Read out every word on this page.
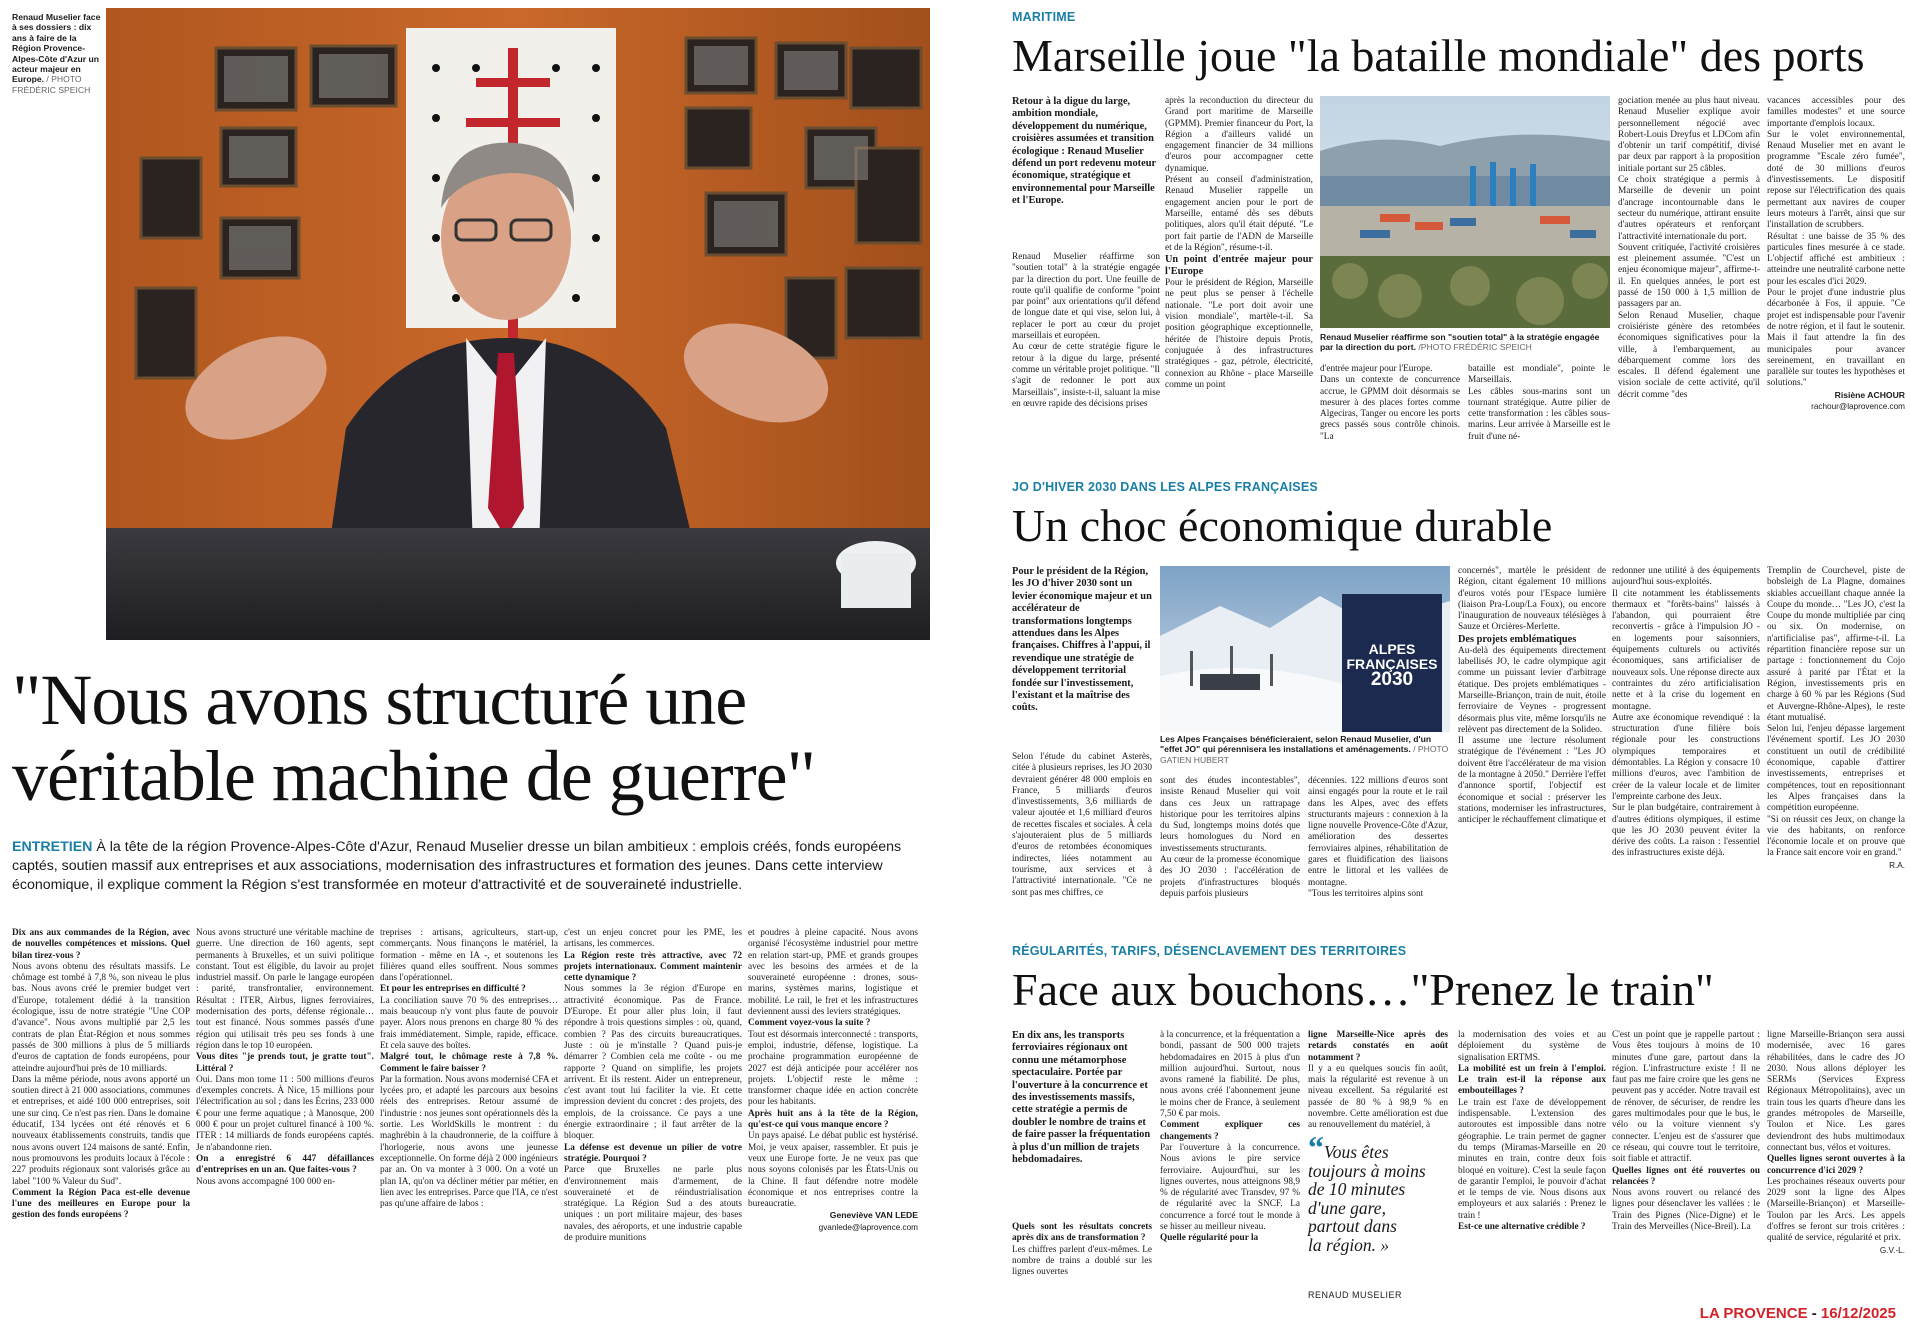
Renaud Muselier face à ses dossiers : dix ans à faire de la Région Provence-Alpes-Côte d'Azur un acteur majeur en Europe. / PHOTO FRÉDÉRIC SPEICH

"Nous avons structuré une
véritable machine de guerre"

ENTRETIEN À la tête de la région Provence-Alpes-Côte d'Azur, Renaud Muselier dresse un bilan ambitieux : emplois créés, fonds européens captés, soutien massif aux entreprises et aux associations, modernisation des infrastructures et formation des jeunes. Dans cette interview économique, il explique comment la Région s'est transformée en moteur d'attractivité et de souveraineté industrielle.

Dix ans aux commandes de la Région, avec de nouvelles compétences et missions. Quel bilan tirez-vous ?

Nous avons obtenu des résultats massifs. Le chômage est tombé à 7,8 %, son niveau le plus bas. Nous avons créé le premier budget vert d'Europe, totalement dédié à la transition écologique, issu de notre stratégie "Une COP d'avance". Nous avons multiplié par 2,5 les contrats de plan État-Région et nous sommes passés de 300 millions à plus de 5 milliards d'euros de captation de fonds européens, pour atteindre aujourd'hui près de 10 milliards.

Dans la même période, nous avons apporté un soutien direct à 21 000 associations, communes et entreprises, et aidé 100 000 entreprises, soit une sur cinq. Ce n'est pas rien. Dans le domaine éducatif, 134 lycées ont été rénovés et 6 nouveaux établissements construits, tandis que nous avons ouvert 124 maisons de santé. Enfin, nous promouvons les produits locaux à l'école : 227 produits régionaux sont valorisés grâce au label "100 % Valeur du Sud".

Comment la Région Paca est-elle devenue l'une des meilleures en Europe pour la gestion des fonds européens ?

Nous avons structuré une véritable machine de guerre. Une direction de 160 agents, sept permanents à Bruxelles, et un suivi politique constant. Tout est éligible, du lavoir au projet industriel massif. On parle le langage européen : parité, transfrontalier, environnement. Résultat : ITER, Airbus, lignes ferroviaires, modernisation des ports, défense régionale… tout est financé. Nous sommes passés d'une région qui utilisait très peu ses fonds à une région dans le top 10 européen.

Vous dites "je prends tout, je gratte tout". Littéral ?

Oui. Dans mon tome 11 : 500 millions d'euros d'exemples concrets. À Nice, 15 millions pour l'électrification au sol ; dans les Écrins, 233 000 € pour une ferme aquatique ; à Manosque, 200 000 € pour un projet culturel financé à 100 %. ITER : 14 milliards de fonds européens captés. Je n'abandonne rien.

On a enregistré 6 447 défaillances d'entreprises en un an. Que faites-vous ?

Nous avons accompagné 100 000 en-

treprises : artisans, agriculteurs, start-up, commerçants. Nous finançons le matériel, la formation - même en IA -, et soutenons les filières quand elles souffrent. Nous sommes dans l'opérationnel.

Et pour les entreprises en difficulté ?

La conciliation sauve 70 % des entreprises… mais beaucoup n'y vont plus faute de pouvoir payer. Alors nous prenons en charge 80 % des frais immédiatement. Simple, rapide, efficace. Et cela sauve des boîtes.

Malgré tout, le chômage reste à 7,8 %. Comment le faire baisser ?

Par la formation. Nous avons modernisé CFA et lycées pro, et adapté les parcours aux besoins réels des entreprises. Retour assumé de l'industrie : nos jeunes sont opérationnels dès la sortie. Les WorldSkills le montrent : du maghrébin à la chaudronnerie, de la coiffure à l'horlogerie, nous avons une jeunesse exceptionnelle. On forme déjà 2 000 ingénieurs par an. On va monter à 3 000. On a voté un plan IA, qu'on va décliner métier par métier, en lien avec les entreprises. Parce que l'IA, ce n'est pas qu'une affaire de labos :

c'est un enjeu concret pour les PME, les artisans, les commerces.

La Région reste très attractive, avec 72 projets internationaux. Comment maintenir cette dynamique ?

Nous sommes la 3e région d'Europe en attractivité économique. Pas de France. D'Europe. Et pour aller plus loin, il faut répondre à trois questions simples : où, quand, combien ? Pas des circuits bureaucratiques. Juste : où je m'installe ? Quand puis-je démarrer ? Combien cela me coûte - ou me rapporte ? Quand on simplifie, les projets arrivent. Et ils restent. Aider un entrepreneur, c'est avant tout lui faciliter la vie. Et cette impression devient du concret : des projets, des emplois, de la croissance. Ce pays a une énergie extraordinaire ; il faut arrêter de la bloquer.

La défense est devenue un pilier de votre stratégie. Pourquoi ?

Parce que Bruxelles ne parle plus d'environnement mais d'armement, de souveraineté et de réindustrialisation stratégique. La Région Sud a des atouts uniques : un port militaire majeur, des bases navales, des aéroports, et une industrie capable de produire munitions

et poudres à pleine capacité. Nous avons organisé l'écosystème industriel pour mettre en relation start-up, PME et grands groupes avec les besoins des armées et de la souveraineté européenne : drones, sous-marins, systèmes marins, logistique et mobilité. Le rail, le fret et les infrastructures deviennent aussi des leviers stratégiques.

Comment voyez-vous la suite ?

Tout est désormais interconnecté : transports, emploi, industrie, défense, logistique. La prochaine programmation européenne de 2027 est déjà anticipée pour accélérer nos projets. L'objectif reste le même : transformer chaque idée en action concrète pour les habitants.

Après huit ans à la tête de la Région, qu'est-ce qui vous manque encore ?

Un pays apaisé. Le débat public est hystérisé. Moi, je veux apaiser, rassembler. Et puis je veux une Europe forte. Je ne veux pas que nous soyons colonisés par les États-Unis ou la Chine. Il faut défendre notre modèle économique et nos entreprises contre la bureaucratie.

Geneviève VAN LEDE
gvanlede@laprovence.com

MARITIME

Marseille joue "la bataille mondiale" des ports

Retour à la digue du large, ambition mondiale, développement du numérique, croisières assumées et transition écologique : Renaud Muselier défend un port redevenu moteur économique, stratégique et environnemental pour Marseille et l'Europe.

Renaud Muselier réaffirme son "soutien total" à la stratégie engagée par la direction du port. Une feuille de route qu'il qualifie de conforme "point par point" aux orientations qu'il défend de longue date et qui vise, selon lui, à replacer le port au cœur du projet marseillais et européen.

Au cœur de cette stratégie figure le retour à la digue du large, présenté comme un véritable projet politique. "Il s'agit de redonner le port aux Marseillais", insiste-t-il, saluant la mise en œuvre rapide des décisions prises

après la reconduction du directeur du Grand port maritime de Marseille (GPMM). Premier financeur du Port, la Région a d'ailleurs validé un engagement financier de 34 millions d'euros pour accompagner cette dynamique.

Présent au conseil d'administration, Renaud Muselier rappelle un engagement ancien pour le port de Marseille, entamé dès ses débuts politiques, alors qu'il était député. "Le port fait partie de l'ADN de Marseille et de la Région", résume-t-il.

Un point d'entrée majeur pour l'Europe

Pour le président de Région, Marseille ne peut plus se penser à l'échelle nationale. "Le port doit avoir une vision mondiale", martèle-t-il. Sa position géographique exceptionnelle, héritée de l'histoire depuis Protis, conjuguée à des infrastructures stratégiques - gaz, pétrole, électricité, connexion au Rhône - place Marseille comme un point

Renaud Muselier réaffirme son "soutien total" à la stratégie engagée par la direction du port. /PHOTO FRÉDÉRIC SPEICH

d'entrée majeur pour l'Europe.

Dans un contexte de concurrence accrue, le GPMM doit désormais se mesurer à des places fortes comme Algeciras, Tanger ou encore les ports grecs passés sous contrôle chinois. "La

bataille est mondiale", pointe le Marseillais.

Les câbles sous-marins sont un tournant stratégique. Autre pilier de cette transformation : les câbles sous-marins. Leur arrivée à Marseille est le fruit d'une né-

gociation menée au plus haut niveau. Renaud Muselier explique avoir personnellement négocié avec Robert-Louis Dreyfus et LDCom afin d'obtenir un tarif compétitif, divisé par deux par rapport à la proposition initiale portant sur 25 câbles.

Ce choix stratégique a permis à Marseille de devenir un point d'ancrage incontournable dans le secteur du numérique, attirant ensuite d'autres opérateurs et renforçant l'attractivité internationale du port.

Souvent critiquée, l'activité croisières est pleinement assumée. "C'est un enjeu économique majeur", affirme-t-il. En quelques années, le port est passé de 150 000 à 1,5 million de passagers par an.

Selon Renaud Muselier, chaque croisiériste génère des retombées économiques significatives pour la ville, à l'embarquement, au débarquement comme lors des escales. Il défend également une vision sociale de cette activité, qu'il décrit comme "des

vacances accessibles pour des familles modestes" et une source importante d'emplois locaux.

Sur le volet environnemental, Renaud Muselier met en avant le programme "Escale zéro fumée", doté de 30 millions d'euros d'investissements. Le dispositif repose sur l'électrification des quais permettant aux navires de couper leurs moteurs à l'arrêt, ainsi que sur l'installation de scrubbers.

Résultat : une baisse de 35 % des particules fines mesurée à ce stade. L'objectif affiché est ambitieux : atteindre une neutralité carbone nette pour les escales d'ici 2029.

Pour le projet d'une industrie plus décarbonée à Fos, il appuie. "Ce projet est indispensable pour l'avenir de notre région, et il faut le soutenir. Mais il faut attendre la fin des municipales pour avancer sereinement, en travaillant en parallèle sur toutes les hypothèses et solutions."

Risiène ACHOUR
rachour@laprovence.com

JO D'HIVER 2030 DANS LES ALPES FRANÇAISES

Un choc économique durable

Pour le président de la Région, les JO d'hiver 2030 sont un levier économique majeur et un accélérateur de transformations longtemps attendues dans les Alpes françaises. Chiffres à l'appui, il revendique une stratégie de développement territorial fondée sur l'investissement, l'existant et la maîtrise des coûts.

ALPES
FRANÇAISES
2030

Les Alpes Françaises bénéficieraient, selon Renaud Muselier, d'un "effet JO" qui pérenniserа les installations et aménagements. / PHOTO GATIEN HUBERT

Selon l'étude du cabinet Asterès, citée à plusieurs reprises, les JO 2030 devraient générer 48 000 emplois en France, 5 milliards d'euros d'investissements, 3,6 milliards de valeur ajoutée et 1,6 milliard d'euros de recettes fiscales et sociales. À cela s'ajouteraient plus de 5 milliards d'euros de retombées économiques indirectes, liées notamment au tourisme, aux services et à l'attractivité internationale. "Ce ne sont pas mes chiffres, ce

sont des études incontestables", insiste Renaud Muselier qui voit dans ces Jeux un rattrapage historique pour les territoires alpins du Sud, longtemps moins dotés que leurs homologues du Nord en investissements structurants.

Au cœur de la promesse économique des JO 2030 : l'accélération de projets d'infrastructures bloqués depuis parfois plusieurs

décennies. 122 millions d'euros sont ainsi engagés pour la route et le rail dans les Alpes, avec des effets structurants majeurs : connexion à la ligne nouvelle Provence-Côte d'Azur, amélioration des dessertes ferroviaires alpines, réhabilitation de gares et fluidification des liaisons entre le littoral et les vallées de montagne.

"Tous les territoires alpins sont

concernés", martèle le président de Région, citant également 10 millions d'euros votés pour l'Espace lumière (liaison Pra-Loup/La Foux), ou encore l'inauguration de nouveaux télésièges à Sauze et Orcières-Merlette.

Des projets emblématiques

Au-delà des équipements directement labellisés JO, le cadre olympique agit comme un puissant levier d'arbitrage étatique. Des projets emblématiques - Marseille-Briançon, train de nuit, étoile ferroviaire de Veynes - progressent désormais plus vite, même lorsqu'ils ne relèvent pas directement de la Solideo.

Il assume une lecture résolument stratégique de l'événement : "Les JO doivent être l'accélérateur de ma vision de la montagne à 2050." Derrière l'effet d'annonce sportif, l'objectif est économique et social : préserver les stations, moderniser les infrastructures, anticiper le réchauffement climatique et

redonner une utilité à des équipements aujourd'hui sous-exploités.

Il cite notamment les établissements thermaux et "forêts-bains" laissés à l'abandon, qui pourraient être reconvertis - grâce à l'impulsion JO - en logements pour saisonniers, équipements culturels ou activités économiques, sans artificialiser de nouveaux sols. Une réponse directe aux contraintes du zéro artificialisation nette et à la crise du logement en montagne.

Autre axe économique revendiqué : la structuration d'une filière bois régionale pour les constructions olympiques temporaires et démontables. La Région y consacre 10 millions d'euros, avec l'ambition de créer de la valeur locale et de limiter l'empreinte carbone des Jeux.

Sur le plan budgétaire, contrairement à d'autres éditions olympiques, il estime que les JO 2030 peuvent éviter la dérive des coûts. La raison : l'essentiel des infrastructures existe déjà.

Tremplin de Courchevel, piste de bobsleigh de La Plagne, domaines skiables accueillant chaque année la Coupe du monde… "Les JO, c'est la Coupe du monde multipliée par cinq ou six. On modernise, on n'artificialise pas", affirme-t-il. La répartition financière repose sur un partage : fonctionnement du Cojo assuré à parité par l'État et la Région, investissements pris en charge à 60 % par les Régions (Sud et Auvergne-Rhône-Alpes), le reste étant mutualisé.

Selon lui, l'enjeu dépasse largement l'événement sportif. Les JO 2030 constituent un outil de crédibilité économique, capable d'attirer investissements, entreprises et compétences, tout en repositionnant les Alpes françaises dans la compétition européenne.

"Si on réussit ces Jeux, on change la vie des habitants, on renforce l'économie locale et on prouve que la France sait encore voir en grand."

R.A.

RÉGULARITÉS, TARIFS, DÉSENCLAVEMENT DES TERRITOIRES

Face aux bouchons…"Prenez le train"

En dix ans, les transports ferroviaires régionaux ont connu une métamorphose spectaculaire. Portée par l'ouverture à la concurrence et des investissements massifs, cette stratégie a permis de doubler le nombre de trains et de faire passer la fréquentation à plus d'un million de trajets hebdomadaires.

Quels sont les résultats concrets après dix ans de transformation ?

Les chiffres parlent d'eux-mêmes. Le nombre de trains a doublé sur les lignes ouvertes

à la concurrence, et la fréquentation a bondi, passant de 500 000 trajets hebdomadaires en 2015 à plus d'un million aujourd'hui. Surtout, nous avons ramené la fiabilité. De plus, nous avons créé l'abonnement jeune le moins cher de France, à seulement 7,50 € par mois.

Comment expliquer ces changements ?

Par l'ouverture à la concurrence. Nous avions le pire service ferroviaire. Aujourd'hui, sur les lignes ouvertes, nous atteignons 98,9 % de régularité avec Transdev, 97 % de régularité avec la SNCF. La concurrence a forcé tout le monde à se hisser au meilleur niveau.

Quelle régularité pour la

ligne Marseille-Nice après des retards constatés en août notamment ?

Il y a eu quelques soucis fin août, mais la régularité est revenue à un niveau excellent. Sa régularité est passée de 80 % à 98,9 % en novembre. Cette amélioration est due au renouvellement du matériel, à

“Vous êtes
toujours à moins
de 10 minutes
d'une gare,
partout dans
la région. »

RENAUD MUSELIER

la modernisation des voies et au déploiement du système de signalisation ERTMS.

La mobilité est un frein à l'emploi. Le train est-il la réponse aux embouteillages ?

Le train est l'axe de développement indispensable. L'extension des autoroutes est impossible dans notre géographie. Le train permet de gagner du temps (Miramas-Marseille en 20 minutes en train, contre deux fois bloqué en voiture). C'est la seule façon de garantir l'emploi, le pouvoir d'achat et le temps de vie. Nous disons aux employeurs et aux salariés : Prenez le train !

Est-ce une alternative crédible ?

C'est un point que je rappelle partout : Vous êtes toujours à moins de 10 minutes d'une gare, partout dans la région. L'infrastructure existe ! Il ne faut pas me faire croire que les gens ne peuvent pas y accéder. Notre travail est de rénover, de sécuriser, de rendre les gares multimodales pour que le bus, le vélo ou la voiture viennent s'y connecter. L'enjeu est de s'assurer que ce réseau, qui couvre tout le territoire, soit fiable et attractif.

Quelles lignes ont été rouvertes ou relancées ?

Nous avons rouvert ou relancé des lignes pour désenclaver les vallées : le Train des Pignes (Nice-Digne) et le Train des Merveilles (Nice-Breil). La

ligne Marseille-Briançon sera aussi modernisée, avec 16 gares réhabilitées, dans le cadre des JO 2030. Nous allons déployer les SERMs (Services Express Régionaux Métropolitains), avec un train tous les quarts d'heure dans les grandes métropoles de Marseille, Toulon et Nice. Les gares deviendront des hubs multimodaux connectant bus, vélos et voitures.

Quelles lignes seront ouvertes à la concurrence d'ici 2029 ?

Les prochaines réseaux ouverts pour 2029 sont la ligne des Alpes (Marseille-Briançon) et Marseille-Toulon par les Arcs. Les appels d'offres se feront sur trois critères : qualité de service, régularité et prix.

G.V.-L.

LA PROVENCE - 16/12/2025
